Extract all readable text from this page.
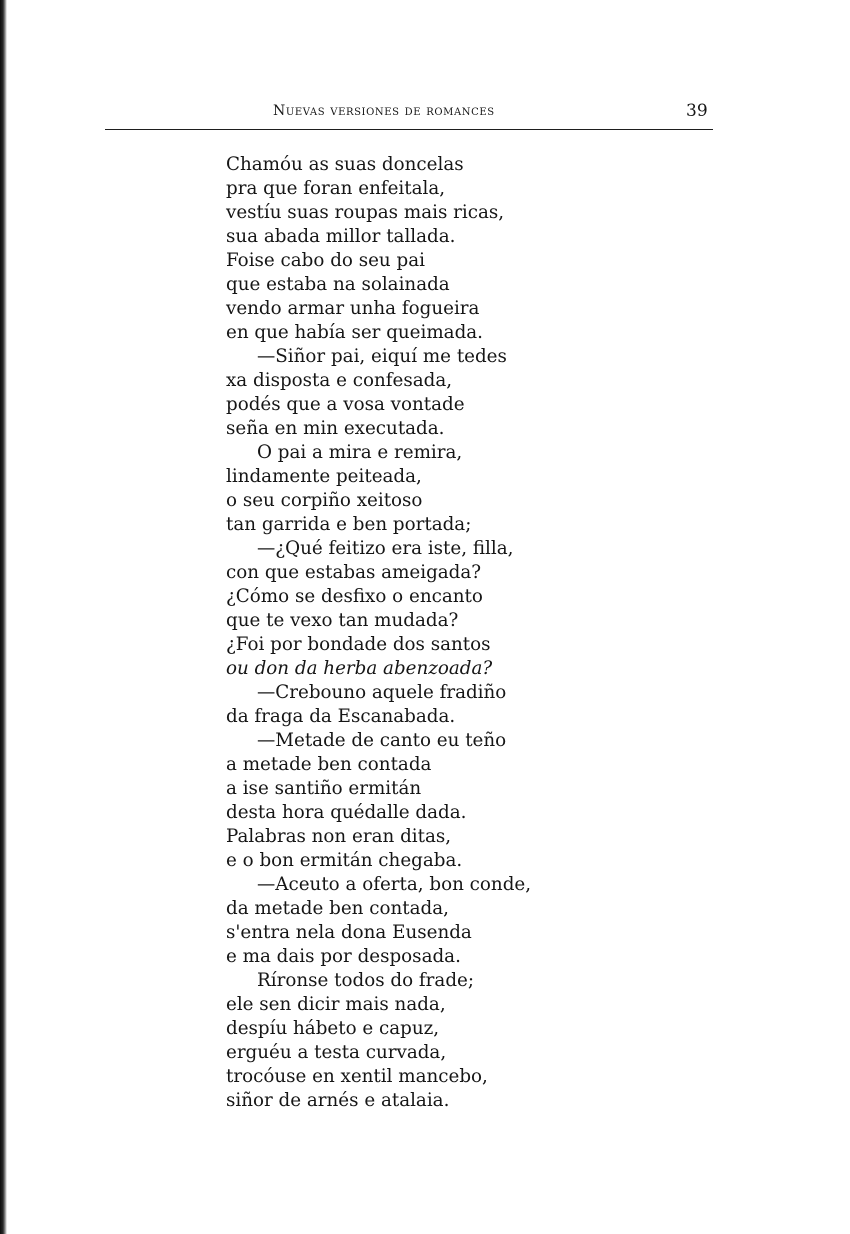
Nuevas versiones de romances	39
Chamóu as suas doncelas
pra que foran enfeitala,
vestíu suas roupas mais ricas,
sua abada millor tallada.
Foise cabo do seu pai
que estaba na solainada
vendo armar unha fogueira
en que había ser queimada.
—Siñor pai, eiquí me tedes
xa disposta e confesada,
podés que a vosa vontade
seña en min executada.
O pai a mira e remira,
lindamente peiteada,
o seu corpiño xeitoso
tan garrida e ben portada;
—¿Qué feitizo era iste, filla,
con que estabas ameigada?
¿Cómo se desfixo o encanto
que te vexo tan mudada?
¿Foi por bondade dos santos
ou don da herba abenzoada?
—Crebouno aquele fradiño
da fraga da Escanabada.
—Metade de canto eu teño
a metade ben contada
a ise santiño ermitán
desta hora quédalle dada.
Palabras non eran ditas,
e o bon ermitán chegaba.
—Aceuto a oferta, bon conde,
da metade ben contada,
s'entra nela dona Eusenda
e ma dais por desposada.
Ríronse todos do frade;
ele sen dicir mais nada,
despíu hábeto e capuz,
erguéu a testa curvada,
trocóuse en xentil mancebo,
siñor de arnés e atalaia.
